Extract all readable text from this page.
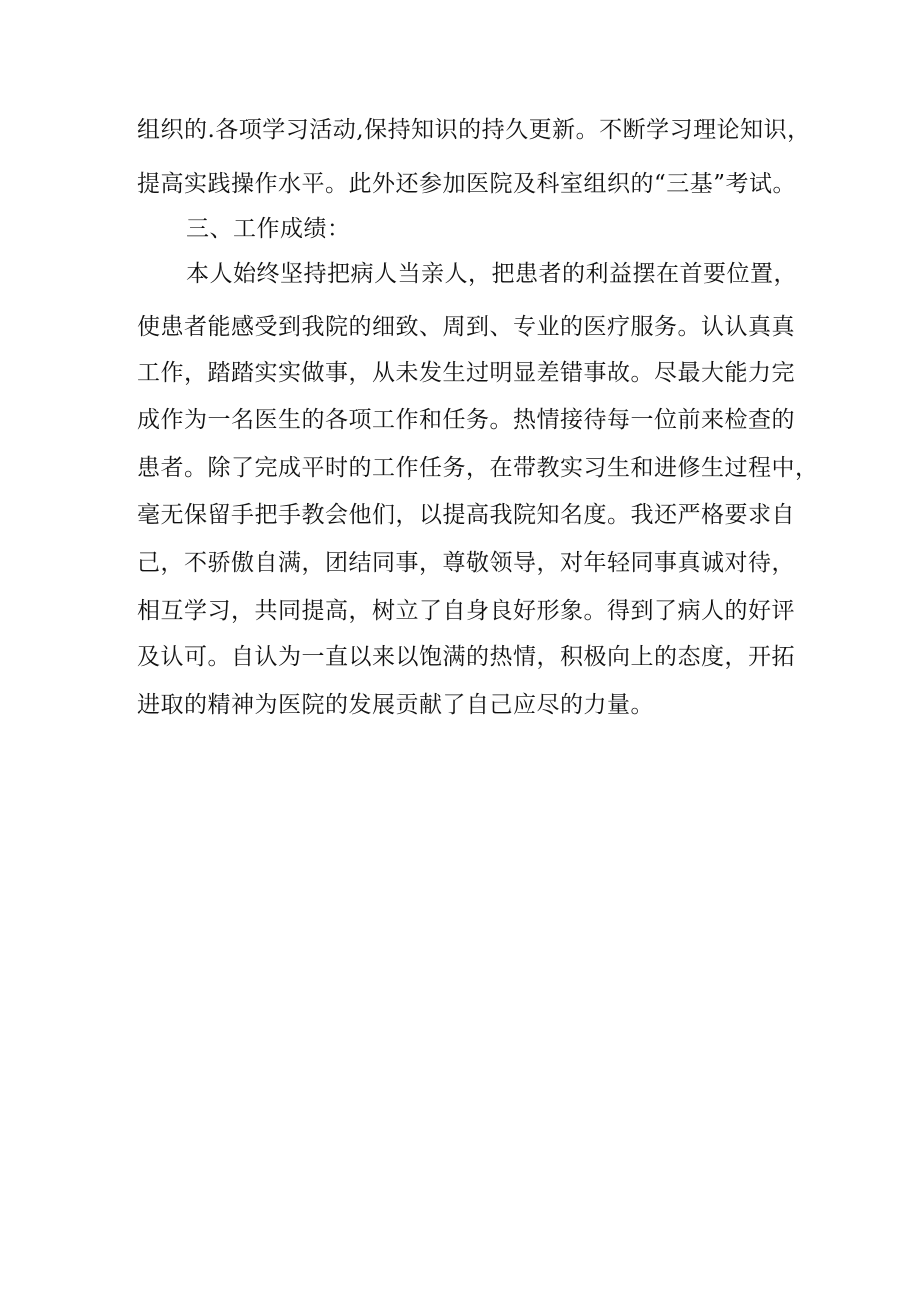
组织的.各项学习活动,保持知识的持久更新。不断学习理论知识，
提高实践操作水平。此外还参加医院及科室组织的“三基”考试。
三、工作成绩：
本人始终坚持把病人当亲人，把患者的利益摆在首要位置，
使患者能感受到我院的细致、周到、专业的医疗服务。认认真真
工作，踏踏实实做事，从未发生过明显差错事故。尽最大能力完
成作为一名医生的各项工作和任务。热情接待每一位前来检查的
患者。除了完成平时的工作任务，在带教实习生和进修生过程中，
毫无保留手把手教会他们，以提高我院知名度。我还严格要求自
己，不骄傲自满，团结同事，尊敬领导，对年轻同事真诚对待，
相互学习，共同提高，树立了自身良好形象。得到了病人的好评
及认可。自认为一直以来以饱满的热情，积极向上的态度，开拓
进取的精神为医院的发展贡献了自己应尽的力量。
